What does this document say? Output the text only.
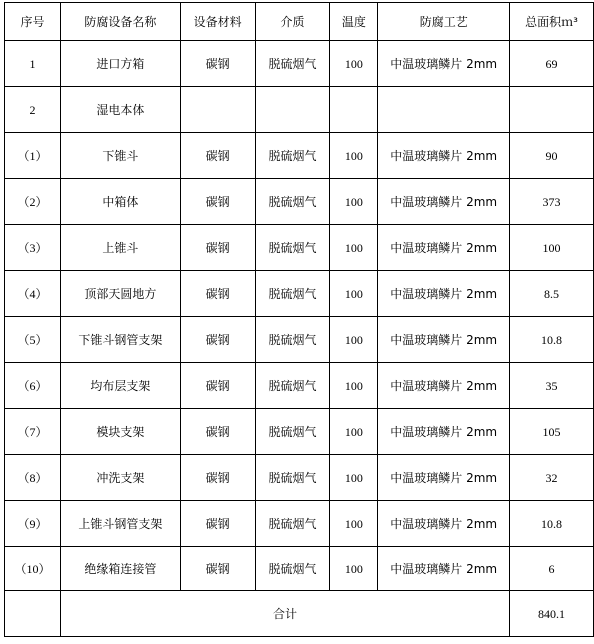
序号	防腐设备名称	设备材料	介质	温度	防腐工艺	总面积ｍ³
1	进口方箱	碳钢	脱硫烟气	100	中温玻璃鳞片 2mm	69
2	湿电本体					
（1）	下锥斗	碳钢	脱硫烟气	100	中温玻璃鳞片 2mm	90
（2）	中箱体	碳钢	脱硫烟气	100	中温玻璃鳞片 2mm	373
（3）	上锥斗	碳钢	脱硫烟气	100	中温玻璃鳞片 2mm	100
（4）	顶部天圆地方	碳钢	脱硫烟气	100	中温玻璃鳞片 2mm	8.5
（5）	下锥斗钢管支架	碳钢	脱硫烟气	100	中温玻璃鳞片 2mm	10.8
（6）	均布层支架	碳钢	脱硫烟气	100	中温玻璃鳞片 2mm	35
（7）	模块支架	碳钢	脱硫烟气	100	中温玻璃鳞片 2mm	105
（8）	冲洗支架	碳钢	脱硫烟气	100	中温玻璃鳞片 2mm	32
（9）	上锥斗钢管支架	碳钢	脱硫烟气	100	中温玻璃鳞片 2mm	10.8
（10）	绝缘箱连接管	碳钢	脱硫烟气	100	中温玻璃鳞片 2mm	6
	合计					840.1
